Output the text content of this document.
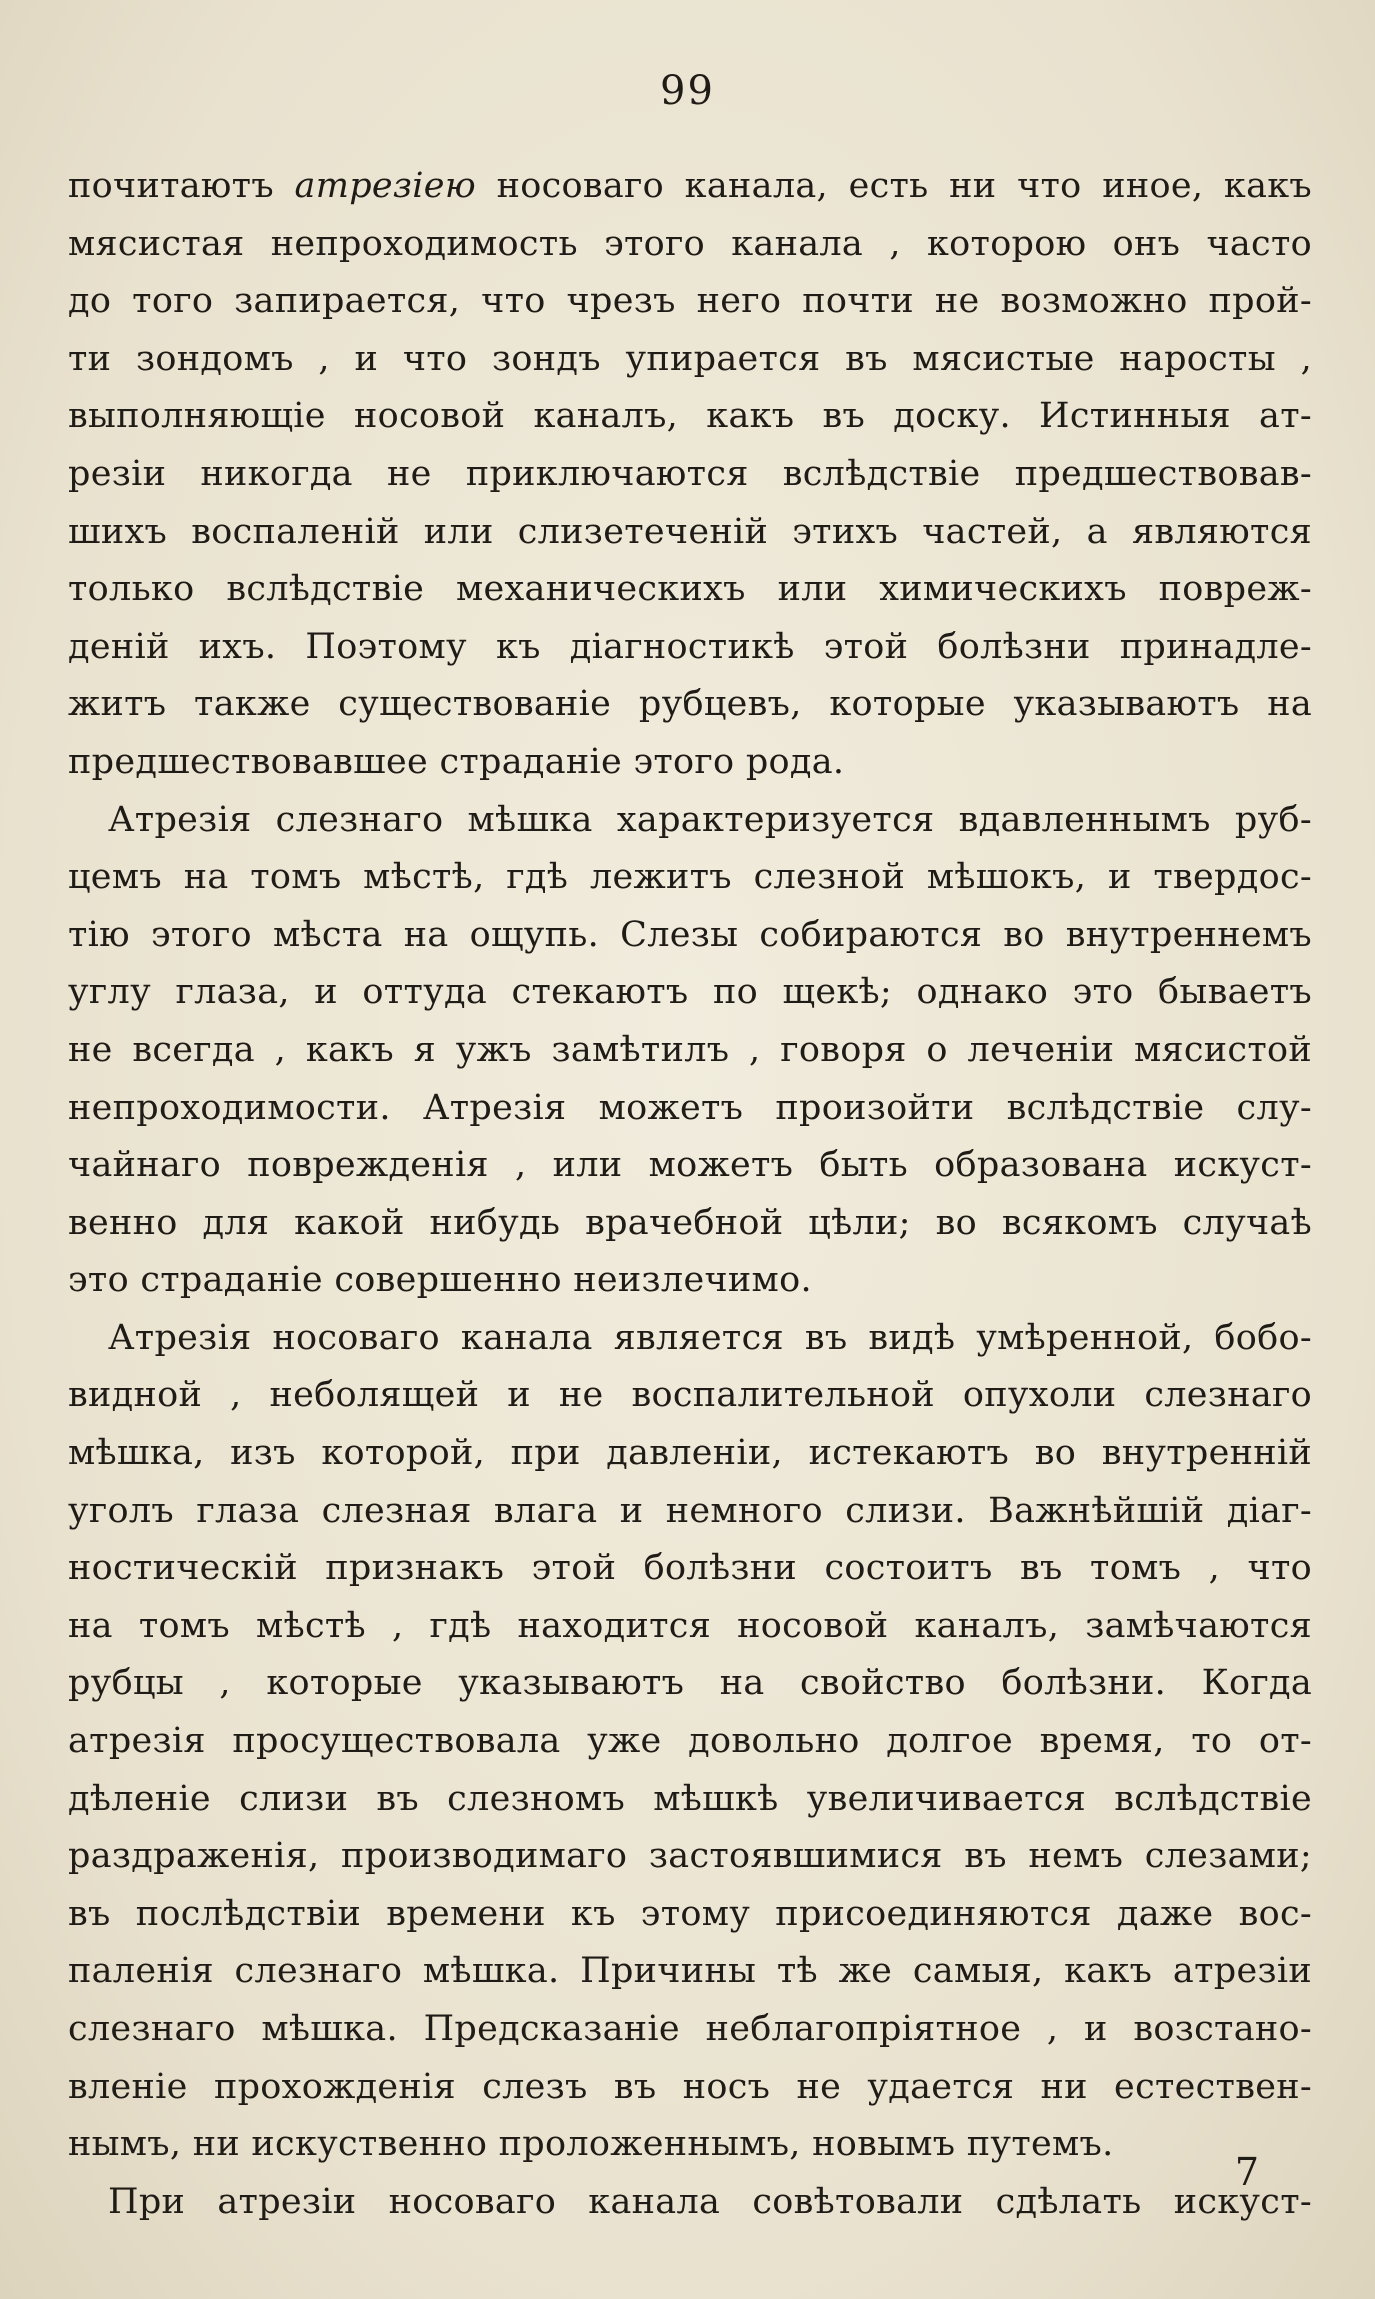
99
почитаютъ атрезiею носоваго канала, есть ни что иное, какъ
мясистая непроходимость этого канала , которою онъ часто
до того запирается, что чрезъ него почти не возможно прой-
ти зондомъ , и что зондъ упирается въ мясистые наросты ,
выполняющiе носовой каналъ, какъ въ доску. Истинныя ат-
резiи никогда не приключаются вслѣдствiе предшествовав-
шихъ воспаленiй или слизетеченiй этихъ частей, а являются
только вслѣдствiе механическихъ или химическихъ повреж-
денiй ихъ. Поэтому къ дiагностикѣ этой болѣзни принадле-
житъ также существованiе рубцевъ, которые указываютъ на
предшествовавшее страданiе этого рода.
Атрезiя слезнаго мѣшка характеризуется вдавленнымъ руб-
цемъ на томъ мѣстѣ, гдѣ лежитъ слезной мѣшокъ, и твердос-
тiю этого мѣста на ощупь. Слезы собираются во внутреннемъ
углу глаза, и оттуда стекаютъ по щекѣ; однако это бываетъ
не всегда , какъ я ужъ замѣтилъ , говоря о леченiи мясистой
непроходимости. Атрезiя можетъ произойти вслѣдствiе слу-
чайнаго поврежденiя , или можетъ быть образована искуст-
венно для какой нибудь врачебной цѣли; во всякомъ случаѣ
это страданiе совершенно неизлечимо.
Атрезiя носоваго канала является въ видѣ умѣренной, бобо-
видной , неболящей и не воспалительной опухоли слезнаго
мѣшка, изъ которой, при давленiи, истекаютъ во внутреннiй
уголъ глаза слезная влага и немного слизи. Важнѣйшiй дiаг-
ностическiй признакъ этой болѣзни состоитъ въ томъ , что
на томъ мѣстѣ , гдѣ находится носовой каналъ, замѣчаются
рубцы , которые указываютъ на свойство болѣзни. Когда
атрезiя просуществовала уже довольно долгое время, то от-
дѣленiе слизи въ слезномъ мѣшкѣ увеличивается вслѣдствiе
раздраженiя, производимаго застоявшимися въ немъ слезами;
въ послѣдствiи времени къ этому присоединяются даже вос-
паленiя слезнаго мѣшка. Причины тѣ же самыя, какъ атрезiи
слезнаго мѣшка. Предсказанiе неблагопрiятное , и возстано-
вленiе прохожденiя слезъ въ носъ не удается ни естествен-
нымъ, ни искуственно проложеннымъ, новымъ путемъ.
При атрезiи носоваго канала совѣтовали сдѣлать искуст-
7
